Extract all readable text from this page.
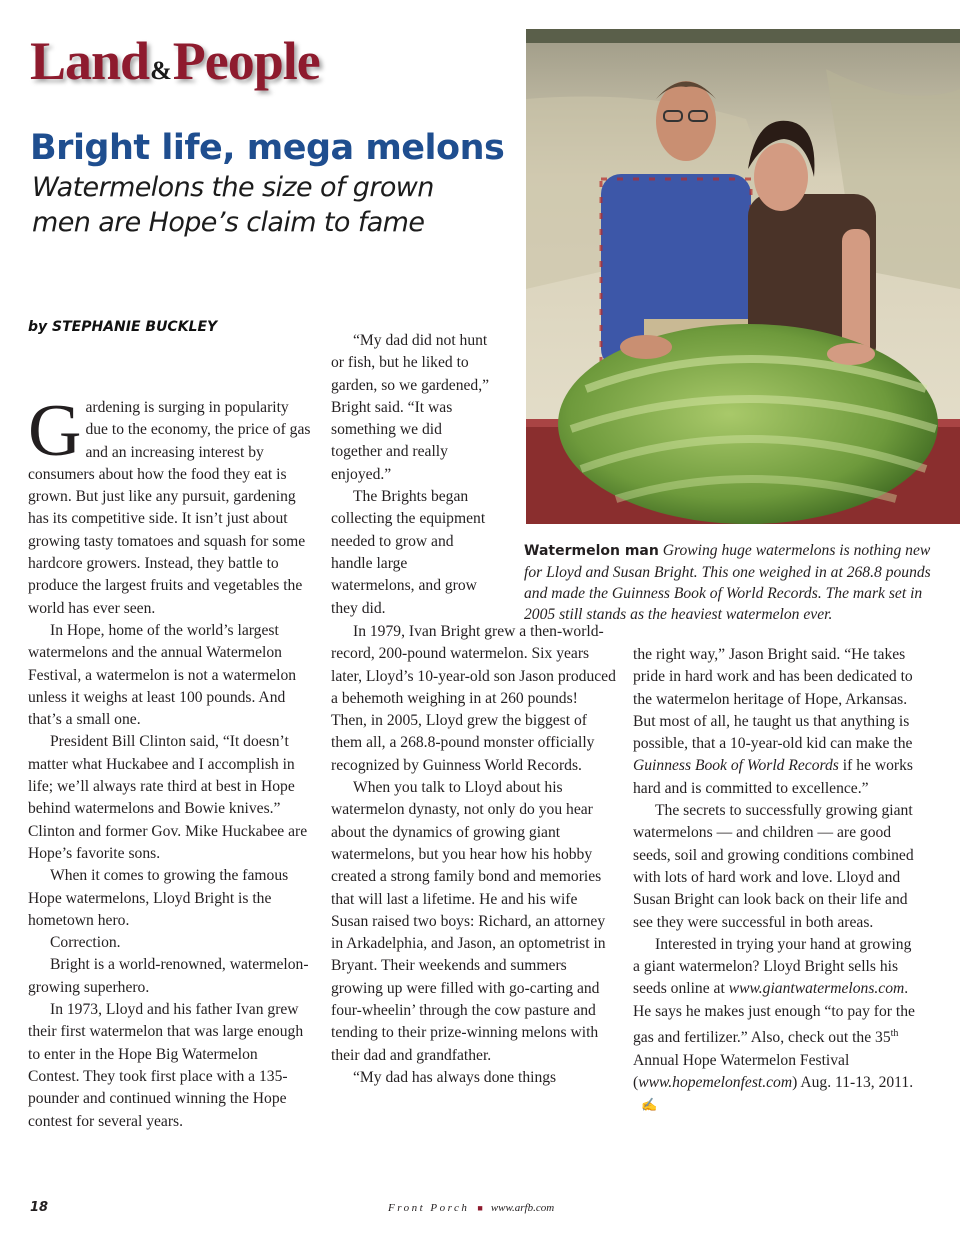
Land&People
Bright life, mega melons
Watermelons the size of grown men are Hope’s claim to fame
by STEPHANIE BUCKLEY
Watermelon man Growing huge watermelons is nothing new for Lloyd and Susan Bright. This one weighed in at 268.8 pounds and made the Guinness Book of World Records. The mark set in 2005 still stands as the heaviest watermelon ever.

Gardening is surging in popularity due to the economy, the price of gas and an increasing interest by consumers about how the food they eat is grown. But just like any pursuit, gardening has its competitive side. It isn’t just about growing tasty tomatoes and squash for some hardcore growers. Instead, they battle to produce the largest fruits and vegetables the world has ever seen.

In Hope, home of the world’s largest watermelons and the annual Watermelon Festival, a watermelon is not a watermelon unless it weighs at least 100 pounds. And that’s a small one.

President Bill Clinton said, “It doesn’t matter what Huckabee and I accomplish in life; we’ll always rate third at best in Hope behind watermelons and Bowie knives.” Clinton and former Gov. Mike Huckabee are Hope’s favorite sons.

When it comes to growing the famous Hope watermelons, Lloyd Bright is the hometown hero.

Correction.

Bright is a world-renowned, watermelon-growing superhero.

In 1973, Lloyd and his father Ivan grew their first watermelon that was large enough to enter in the Hope Big Watermelon Contest. They took first place with a 135-pounder and continued winning the Hope contest for several years.

“My dad did not hunt or fish, but he liked to garden, so we gardened,” Bright said. “It was something we did together and really enjoyed.”

The Brights began collecting the equipment needed to grow and handle large watermelons, and grow they did.

In 1979, Ivan Bright grew a then-world-record, 200-pound watermelon. Six years later, Lloyd’s 10-year-old son Jason produced a behemoth weighing in at 260 pounds! Then, in 2005, Lloyd grew the biggest of them all, a 268.8-pound monster officially recognized by Guinness World Records.

When you talk to Lloyd about his watermelon dynasty, not only do you hear about the dynamics of growing giant watermelons, but you hear how his hobby created a strong family bond and memories that will last a lifetime. He and his wife Susan raised two boys: Richard, an attorney in Arkadelphia, and Jason, an optometrist in Bryant. Their weekends and summers growing up were filled with go-carting and four-wheelin’ through the cow pasture and tending to their prize-winning melons with their dad and grandfather.

“My dad has always done things

the right way,” Jason Bright said. “He takes pride in hard work and has been dedicated to the watermelon heritage of Hope, Arkansas. But most of all, he taught us that anything is possible, that a 10-year-old kid can make the Guinness Book of World Records if he works hard and is committed to excellence.”

The secrets to successfully growing giant watermelons — and children — are good seeds, soil and growing conditions combined with lots of hard work and love. Lloyd and Susan Bright can look back on their life and see they were successful in both areas.

Interested in trying your hand at growing a giant watermelon? Lloyd Bright sells his seeds online at www.giantwatermelons.com. He says he makes just enough “to pay for the gas and fertilizer.” Also, check out the 35th Annual Hope Watermelon Festival (www.hopemelonfest.com) Aug. 11-13, 2011.✍

18	Front Porch ■ www.arfb.com
